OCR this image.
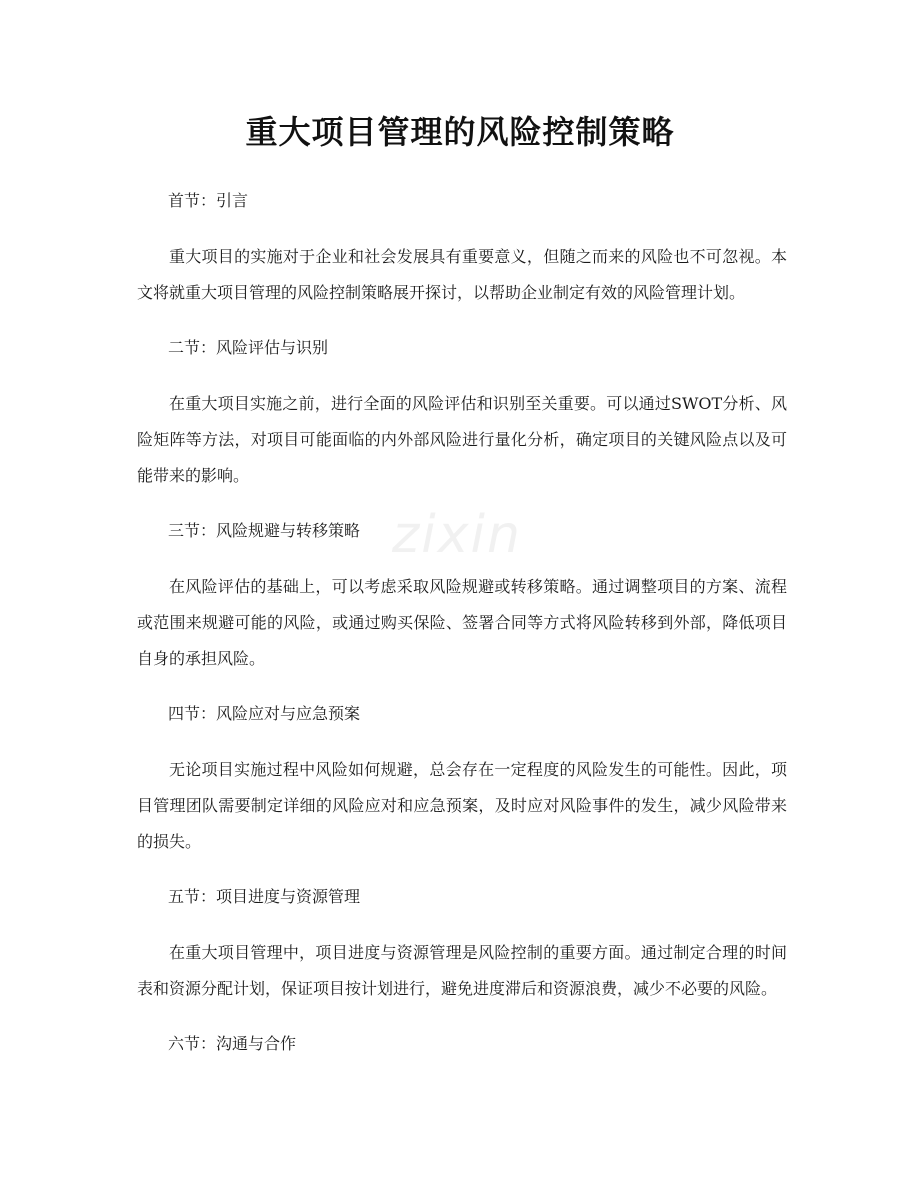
重大项目管理的风险控制策略
zixin

首节：引言

重大项目的实施对于企业和社会发展具有重要意义，但随之而来的风险也不可忽视。本文将就重大项目管理的风险控制策略展开探讨，以帮助企业制定有效的风险管理计划。

二节：风险评估与识别

在重大项目实施之前，进行全面的风险评估和识别至关重要。可以通过SWOT分析、风险矩阵等方法，对项目可能面临的内外部风险进行量化分析，确定项目的关键风险点以及可能带来的影响。

三节：风险规避与转移策略

在风险评估的基础上，可以考虑采取风险规避或转移策略。通过调整项目的方案、流程或范围来规避可能的风险，或通过购买保险、签署合同等方式将风险转移到外部，降低项目自身的承担风险。

四节：风险应对与应急预案

无论项目实施过程中风险如何规避，总会存在一定程度的风险发生的可能性。因此，项目管理团队需要制定详细的风险应对和应急预案，及时应对风险事件的发生，减少风险带来的损失。

五节：项目进度与资源管理

在重大项目管理中，项目进度与资源管理是风险控制的重要方面。通过制定合理的时间表和资源分配计划，保证项目按计划进行，避免进度滞后和资源浪费，减少不必要的风险。

六节：沟通与合作
